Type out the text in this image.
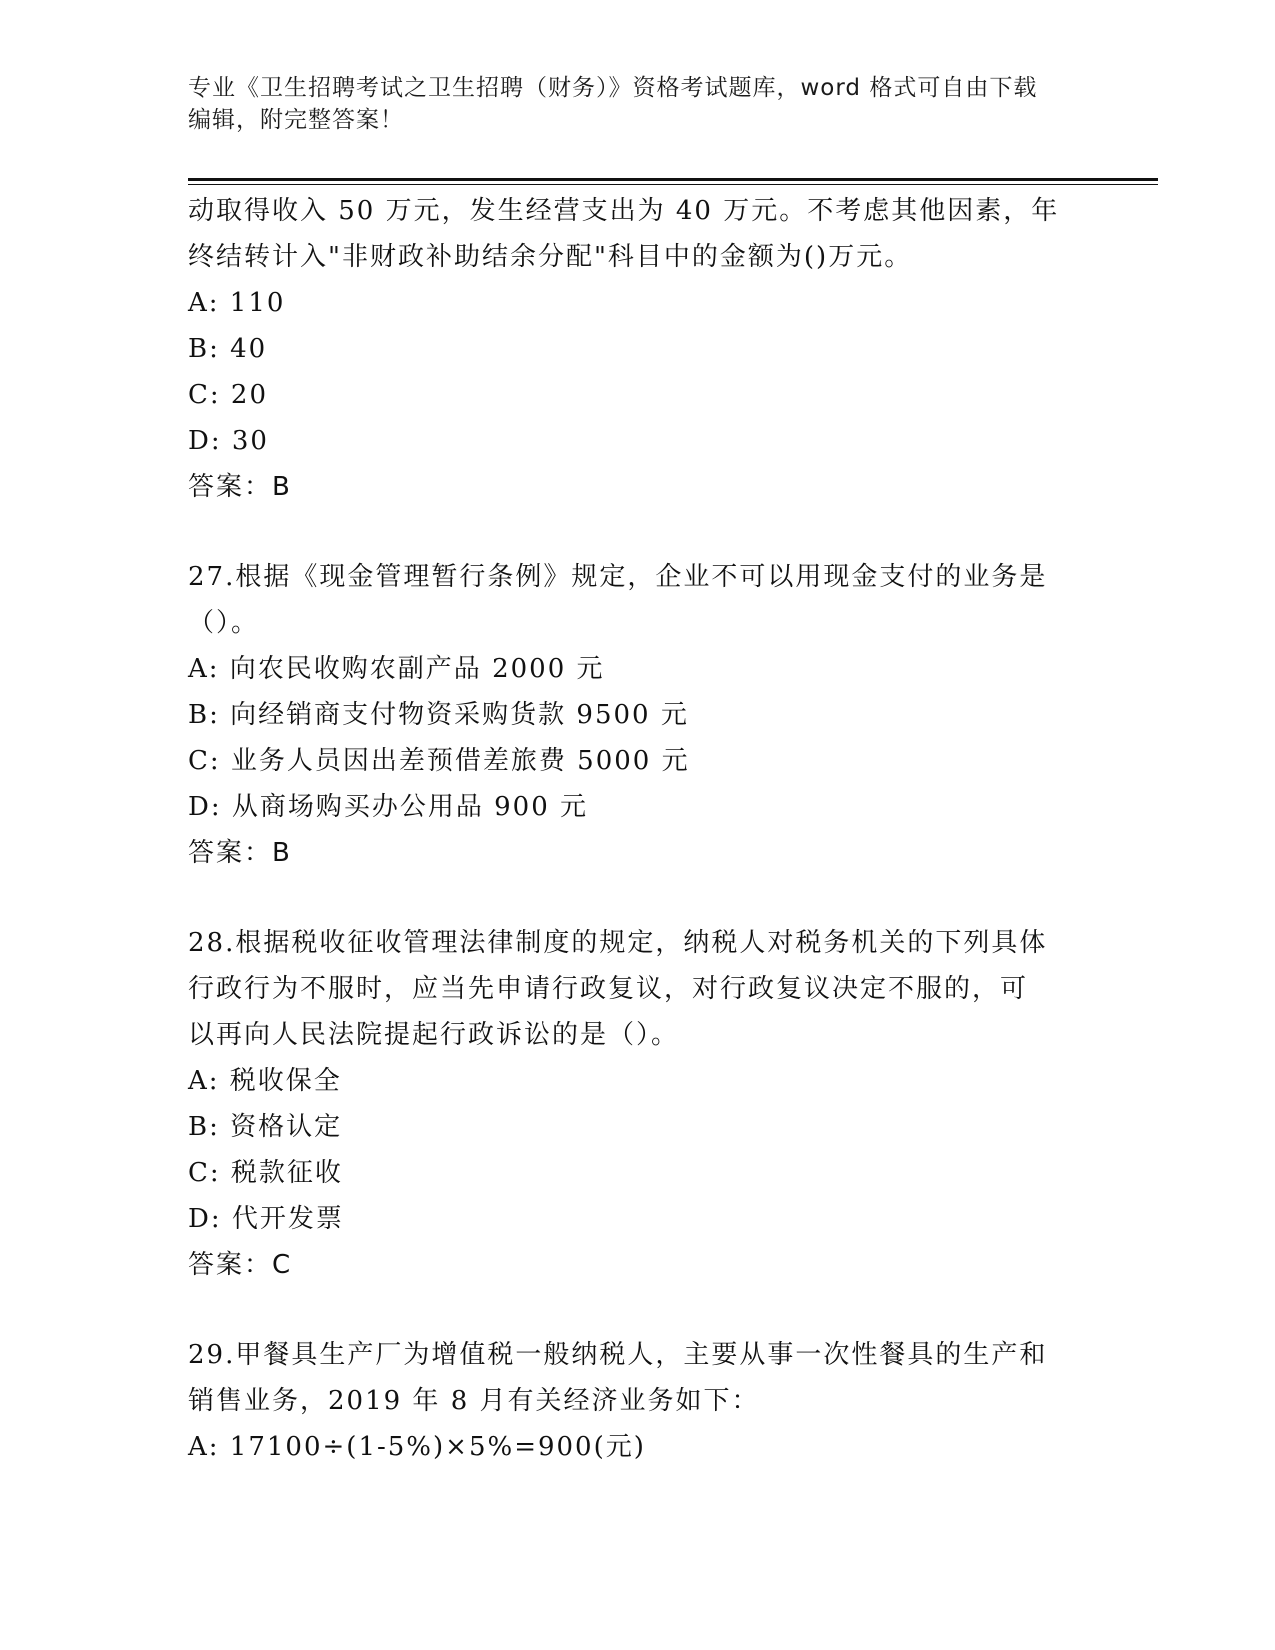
专业《卫生招聘考试之卫生招聘（财务）》资格考试题库，word 格式可自由下载
编辑，附完整答案！
动取得收入 50 万元，发生经营支出为 40 万元。不考虑其他因素，年
终结转计入"非财政补助结余分配"科目中的金额为()万元。
A: 110
B: 40
C: 20
D: 30
答案：B
27.根据《现金管理暂行条例》规定，企业不可以用现金支付的业务是
（）。
A: 向农民收购农副产品 2000 元
B: 向经销商支付物资采购货款 9500 元
C: 业务人员因出差预借差旅费 5000 元
D: 从商场购买办公用品 900 元
答案：B
28.根据税收征收管理法律制度的规定，纳税人对税务机关的下列具体
行政行为不服时，应当先申请行政复议，对行政复议决定不服的，可
以再向人民法院提起行政诉讼的是（）。
A: 税收保全
B: 资格认定
C: 税款征收
D: 代开发票
答案：C
29.甲餐具生产厂为增值税一般纳税人，主要从事一次性餐具的生产和
销售业务，2019 年 8 月有关经济业务如下：
A: 17100÷(1-5%)×5%=900(元)
